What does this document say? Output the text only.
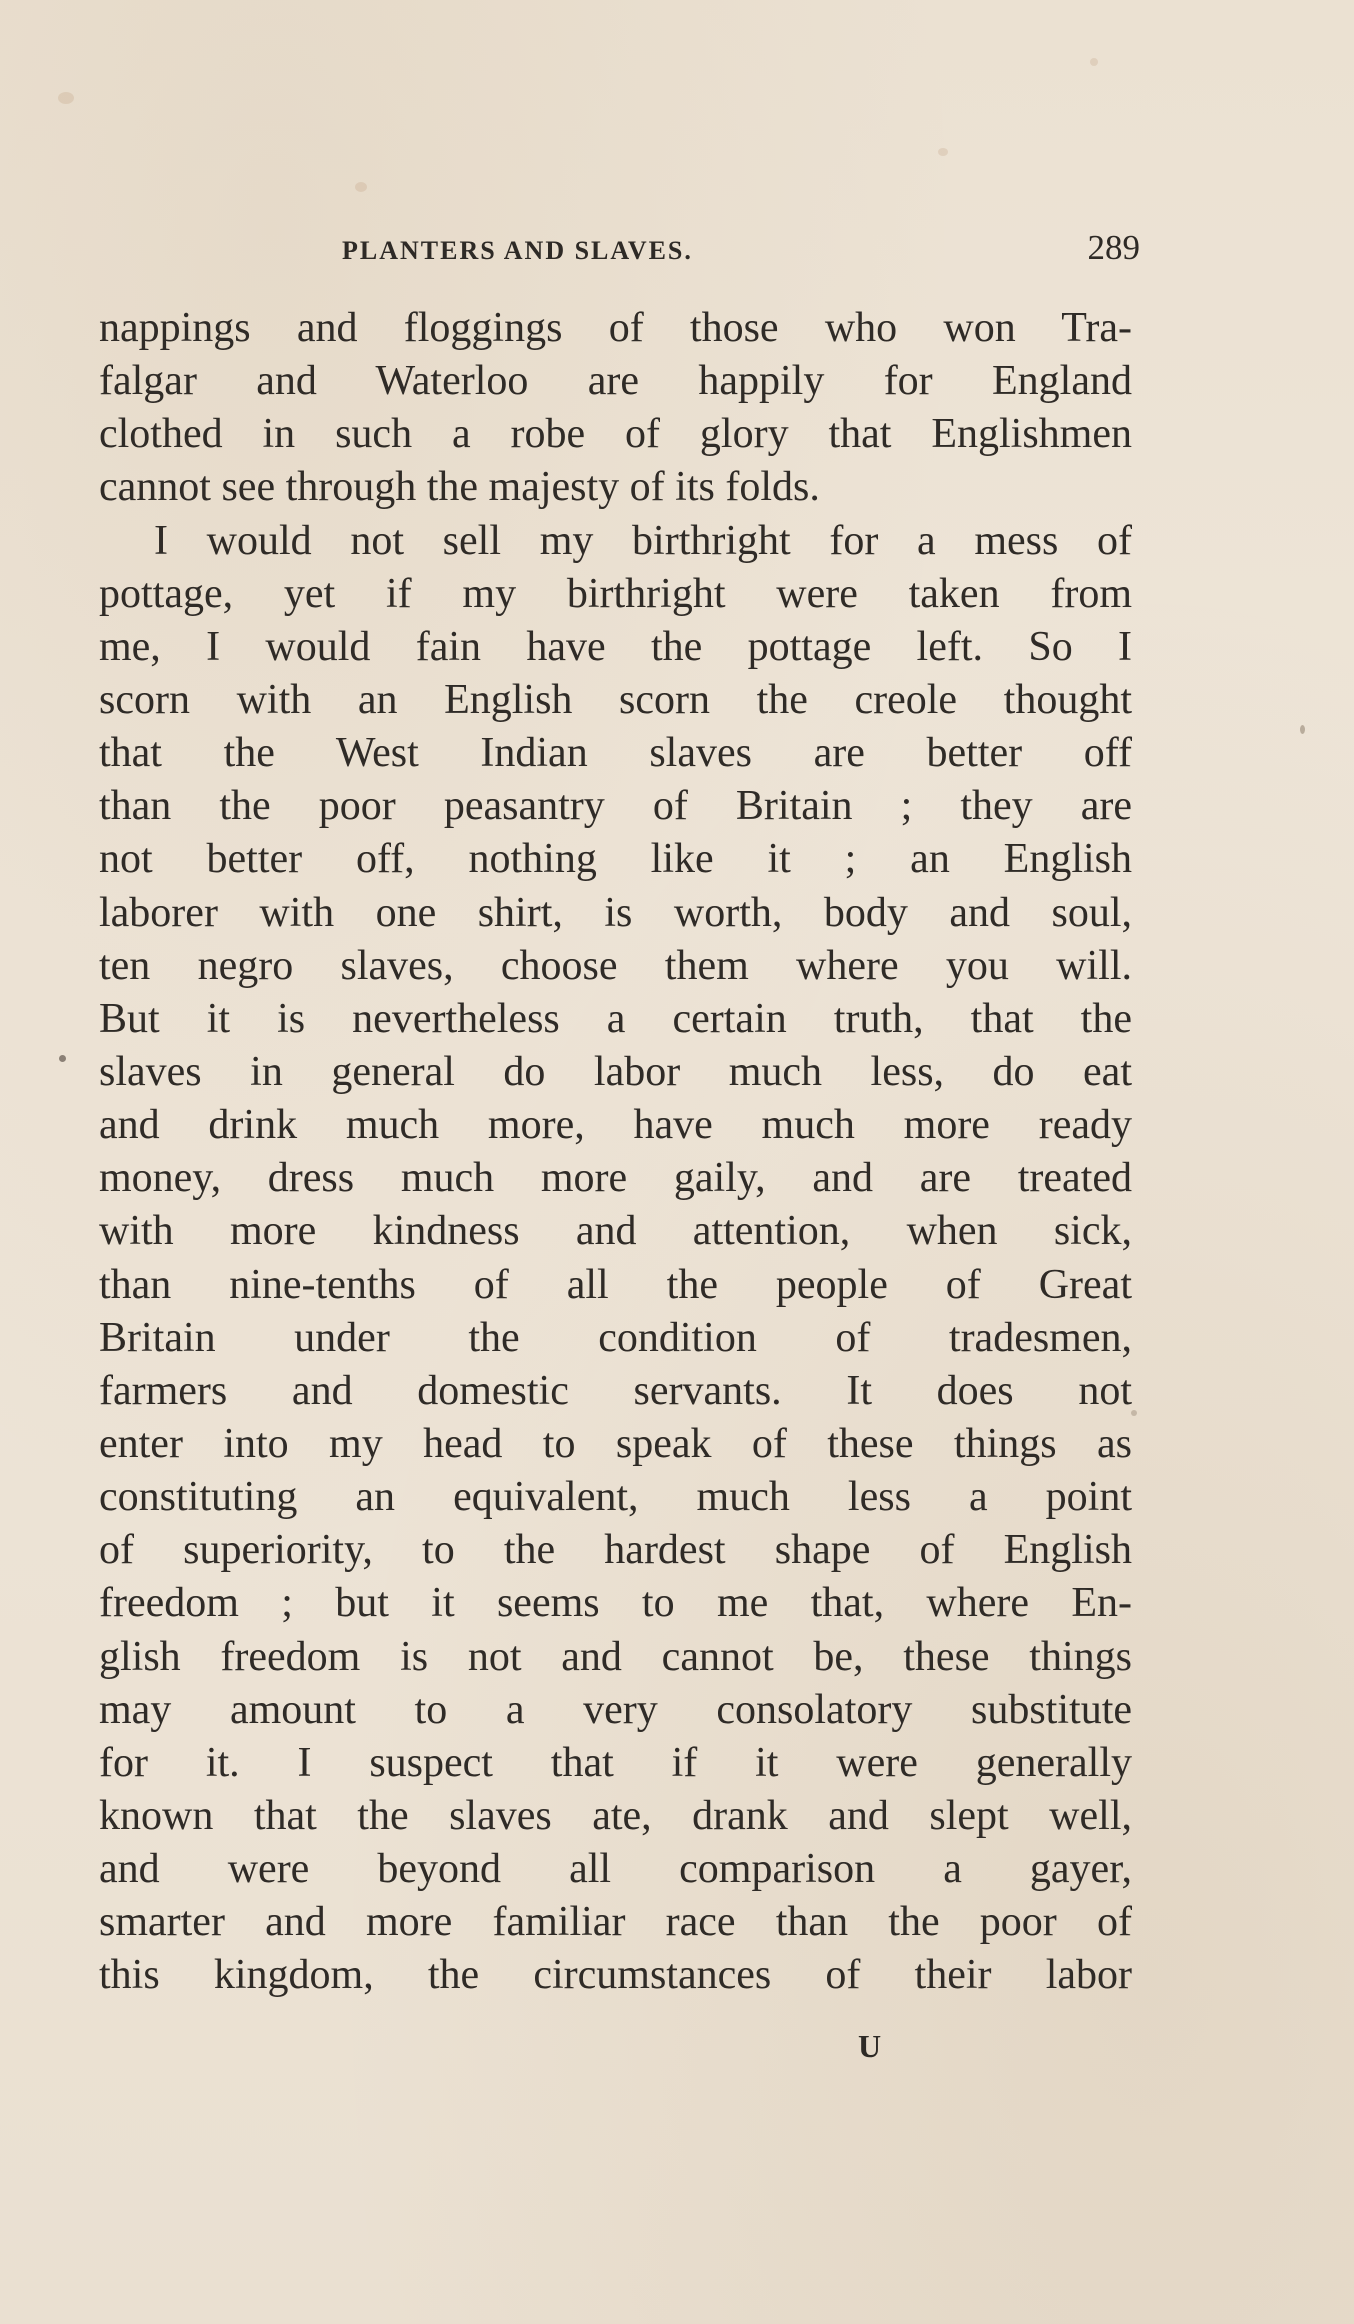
PLANTERS AND SLAVES.	289
nappings and floggings of those who won Tra-
falgar and Waterloo are happily for England
clothed in such a robe of glory that Englishmen
cannot see through the majesty of its folds.
I would not sell my birthright for a mess of
pottage, yet if my birthright were taken from
me, I would fain have the pottage left. So I
scorn with an English scorn the creole thought
that the West Indian slaves are better off
than the poor peasantry of Britain ; they are
not better off, nothing like it ; an English
laborer with one shirt, is worth, body and soul,
ten negro slaves, choose them where you will.
But it is nevertheless a certain truth, that the
slaves in general do labor much less, do eat
and drink much more, have much more ready
money, dress much more gaily, and are treated
with more kindness and attention, when sick,
than nine-tenths of all the people of Great
Britain under the condition of tradesmen,
farmers and domestic servants. It does not
enter into my head to speak of these things as
constituting an equivalent, much less a point
of superiority, to the hardest shape of English
freedom ; but it seems to me that, where En-
glish freedom is not and cannot be, these things
may amount to a very consolatory substitute
for it. I suspect that if it were generally
known that the slaves ate, drank and slept well,
and were beyond all comparison a gayer,
smarter and more familiar race than the poor of
this kingdom, the circumstances of their labor
U
